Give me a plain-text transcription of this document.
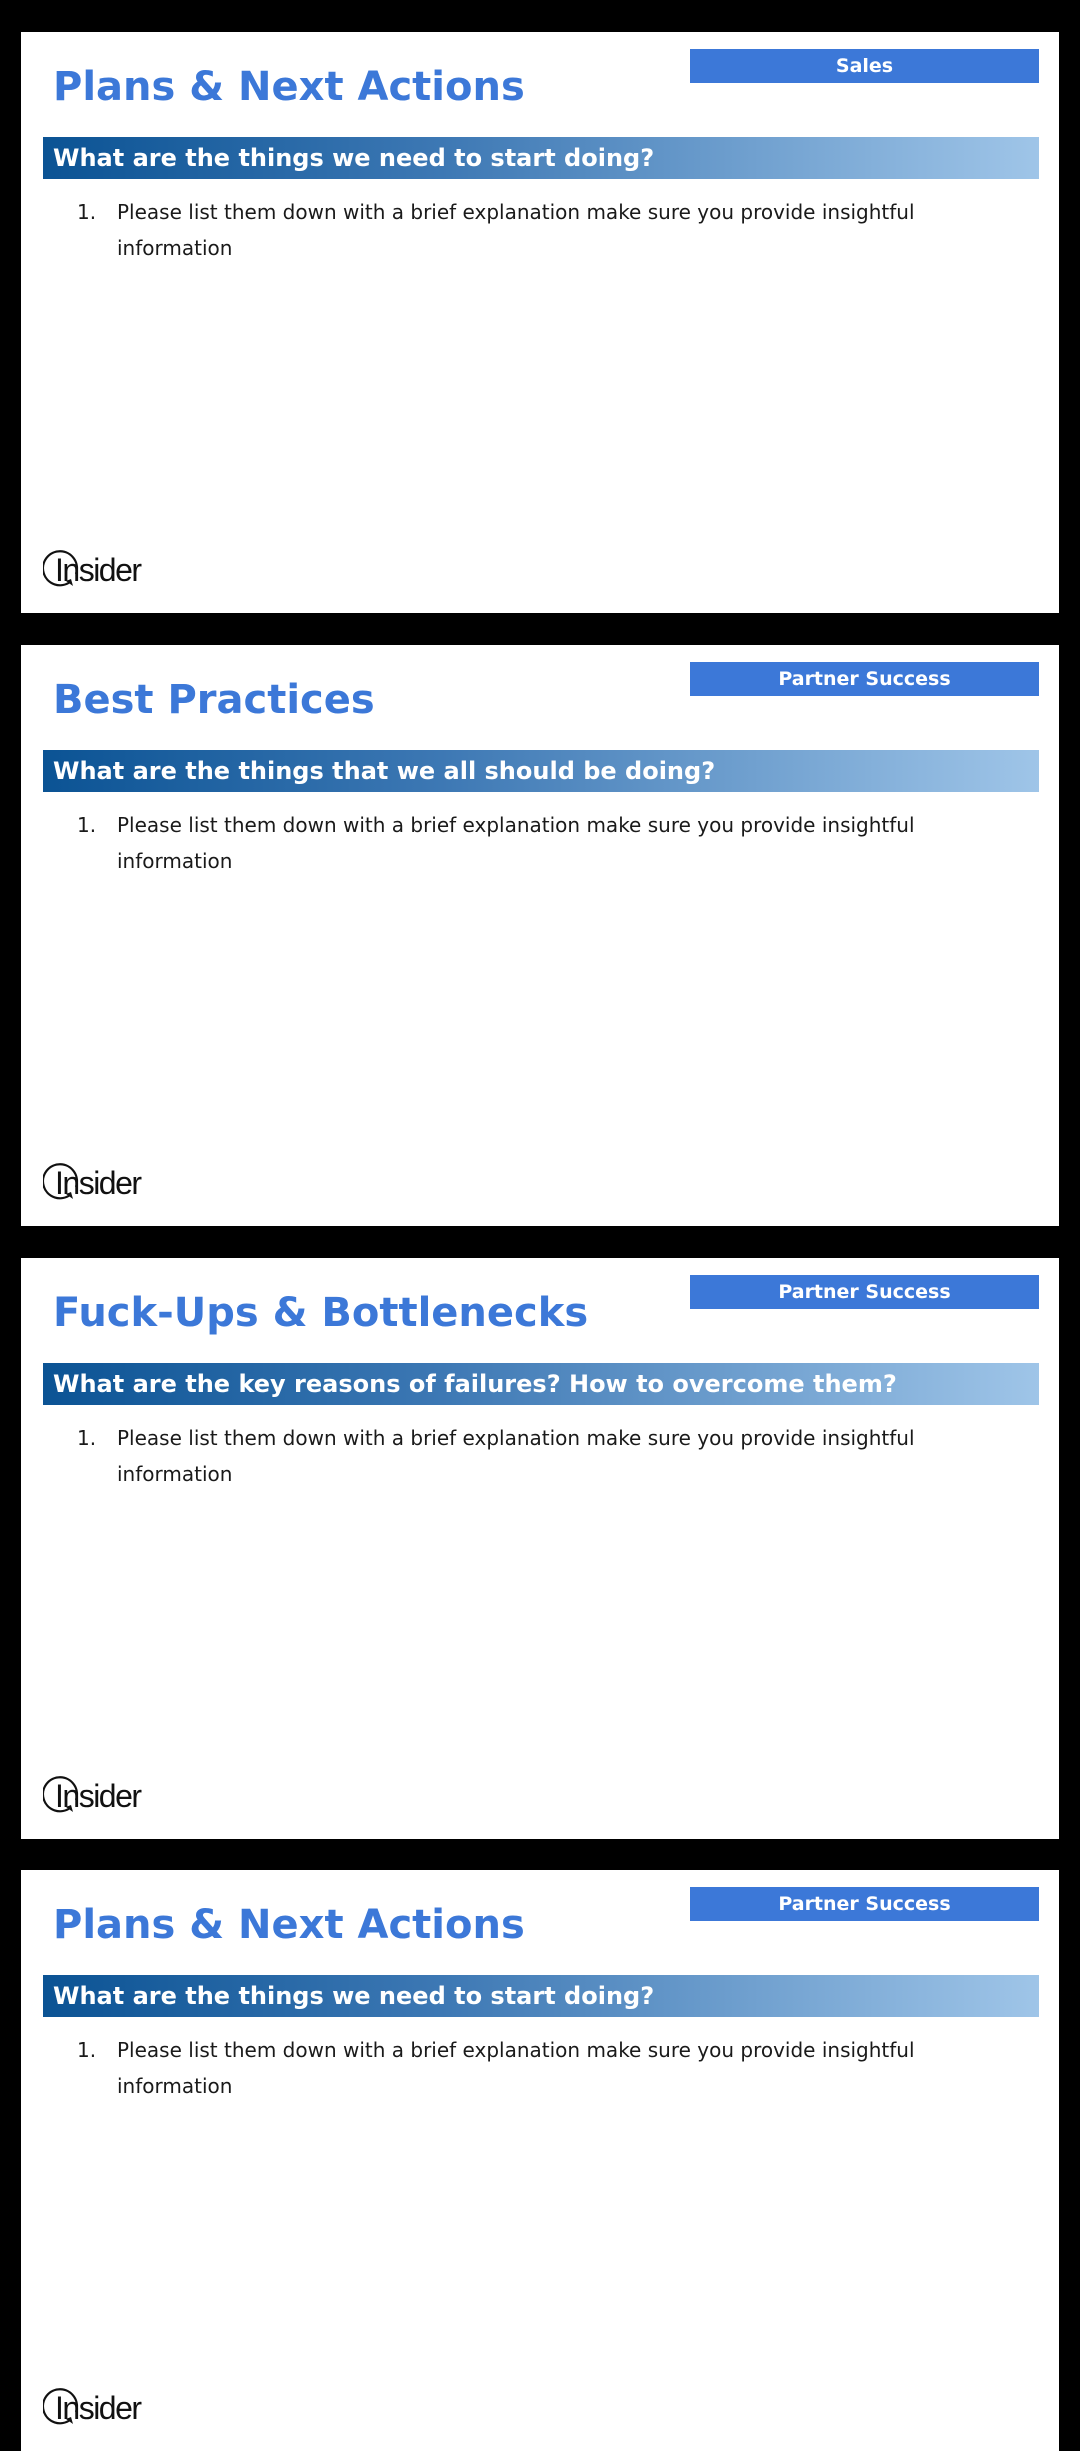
Sales
Plans & Next Actions
What are the things we need to start doing?
1. Please list them down with a brief explanation make sure you provide insightful information
Insider
Partner Success
Best Practices
What are the things that we all should be doing?
1. Please list them down with a brief explanation make sure you provide insightful information
Insider
Partner Success
Fuck-Ups & Bottlenecks
What are the key reasons of failures? How to overcome them?
1. Please list them down with a brief explanation make sure you provide insightful information
Insider
Partner Success
Plans & Next Actions
What are the things we need to start doing?
1. Please list them down with a brief explanation make sure you provide insightful information
Insider
